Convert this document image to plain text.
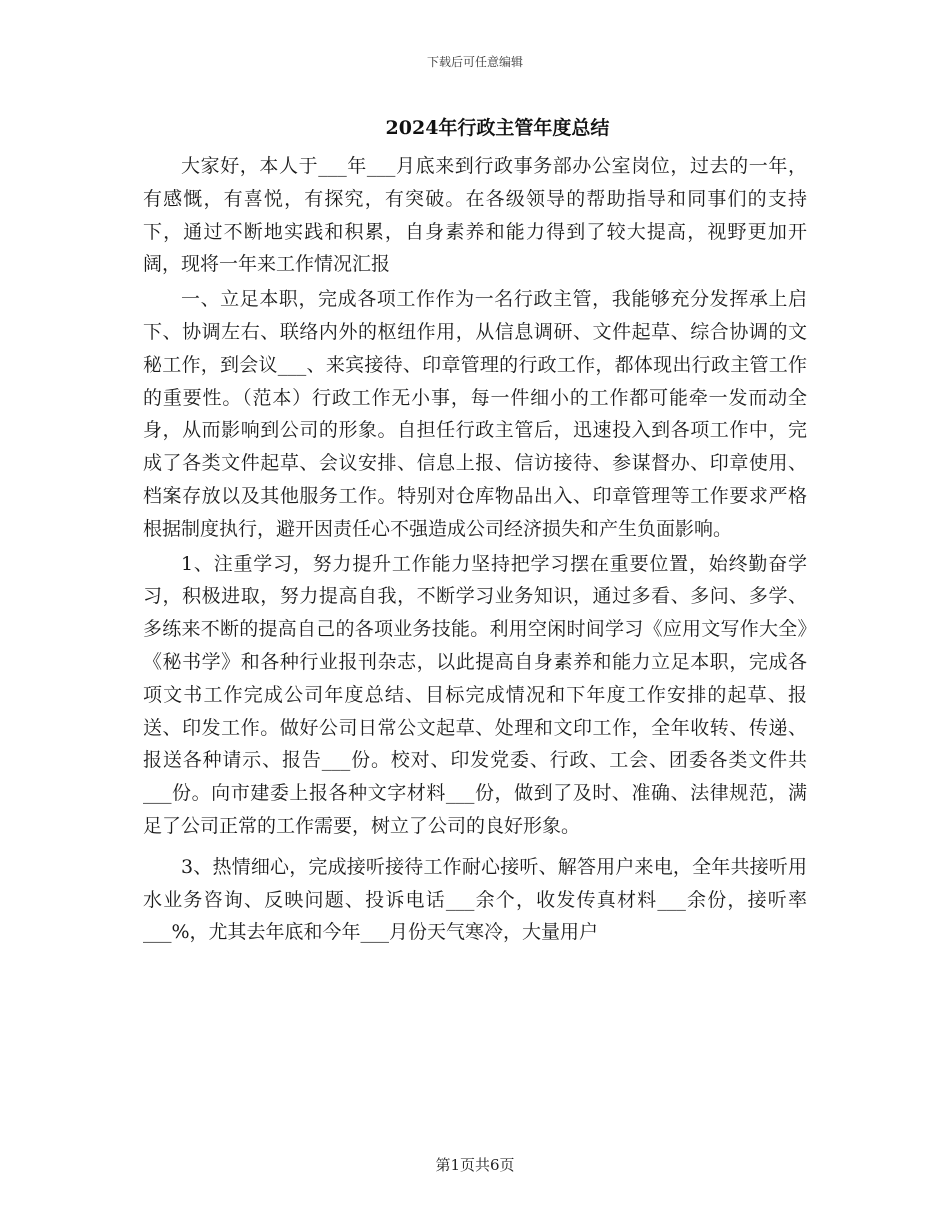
下载后可任意编辑
2024年行政主管年度总结

大家好，本人于___年___月底来到行政事务部办公室岗位，过去的一年，有感慨，有喜悦，有探究，有突破。在各级领导的帮助指导和同事们的支持下，通过不断地实践和积累，自身素养和能力得到了较大提高，视野更加开阔，现将一年来工作情况汇报

一、立足本职，完成各项工作作为一名行政主管，我能够充分发挥承上启下、协调左右、联络内外的枢纽作用，从信息调研、文件起草、综合协调的文秘工作，到会议___、来宾接待、印章管理的行政工作，都体现出行政主管工作的重要性。（范本）行政工作无小事，每一件细小的工作都可能牵一发而动全身，从而影响到公司的形象。自担任行政主管后，迅速投入到各项工作中，完成了各类文件起草、会议安排、信息上报、信访接待、参谋督办、印章使用、档案存放以及其他服务工作。特别对仓库物品出入、印章管理等工作要求严格根据制度执行，避开因责任心不强造成公司经济损失和产生负面影响。

1、注重学习，努力提升工作能力坚持把学习摆在重要位置，始终勤奋学习，积极进取，努力提高自我，不断学习业务知识，通过多看、多问、多学、多练来不断的提高自己的各项业务技能。利用空闲时间学习《应用文写作大全》《秘书学》和各种行业报刊杂志，以此提高自身素养和能力立足本职，完成各项文书工作完成公司年度总结、目标完成情况和下年度工作安排的起草、报送、印发工作。做好公司日常公文起草、处理和文印工作，全年收转、传递、报送各种请示、报告___份。校对、印发党委、行政、工会、团委各类文件共___份。向市建委上报各种文字材料___份，做到了及时、准确、法律规范，满足了公司正常的工作需要，树立了公司的良好形象。

3、热情细心，完成接听接待工作耐心接听、解答用户来电，全年共接听用水业务咨询、反映问题、投诉电话___余个，收发传真材料___余份，接听率___%，尤其去年底和今年___月份天气寒冷，大量用户

第1页共6页
